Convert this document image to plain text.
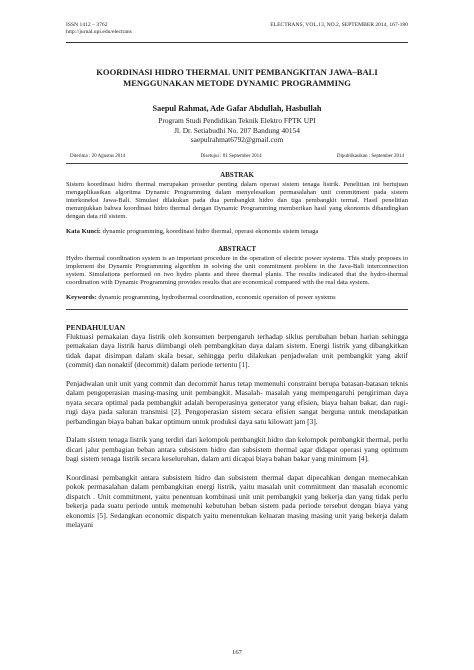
ISSN 1412 – 3762
http://jurnal.upi.edu/electrans
ELECTRANS, VOL.13, NO.2, SEPTEMBER 2014, 167-180
KOORDINASI HIDRO THERMAL UNIT PEMBANGKITAN JAWA–BALI
MENGGUNAKAN METODE DYNAMIC PROGRAMMING
Saepul Rahmat, Ade Gafar Abdullah, Hasbullah
Program Studi Pendidikan Teknik Elektro FPTK UPI
Jl. Dr. Setiabudhi No. 207 Bandung 40154
saepulrahmat6792@gmail.com
Diterima : 20 Agustus 2014	Disetujui : 01 September 2014	Dipublikasikan : September 2014
ABSTRAK
Sistem koordinasi hidro thermal merupakan prosedur penting dalam operasi sistem tenaga listrik. Penelitian ini bertujuan mengaplikasikan algoritma Dynamic Programming dalam menyelesaikan permasalahan unit commitment pada sistem interkoneksi Jawa-Bali. Simulasi dilakukan pada dua pembangkit hidro dan tiga pembangkit termal. Hasil penelitian menunjukkan bahwa koordinasi hidro thermal dengan Dynamic Programming memberikan hasil yang ekonomis dibandingkan dengan data riil sistem.
Kata Kunci: dynamic programming, koordinasi hidro thermal, operasi ekonomis sistem tenaga
ABSTRACT
Hydro thermal coordination system is an important procedure in the operation of electric power systems. This study proposes to implement the Dynamic Programming algorithm in solving the unit commitment problem in the Java-Bali interconnection system. Simulations performed on two hydro plants and three thermal plants. The results indicated that the hydro-thermal coordination with Dynamic Programming provides results that are economical compared with the real data system.
Keywords: dynamic programming, hydrothermal coordination, economic operation of power systems
PENDAHULUAN
Fluktuasi pemakaian daya listrik oleh konsumen berpengaruh terhadap siklus perubahan beban harian sehingga pemakaian daya listrik harus diimbangi oleh pembangkitan daya dalam sistem. Energi listrik yang dibangkitkan tidak dapat disimpan dalam skala besar, sehingga perlu dilakukan penjadwalan unit pembangkit yang aktif (commit) dan nonaktif (decommit) dalam periode tertentu [1].
Penjadwalan unit unit yang commit dan decommit harus tetap memenuhi constraint berupa batasan-batasan teknis dalam pengoperasian masing-masing unit pembangkit. Masalah- masalah yang mempengaruhi pengiriman daya nyata secara optimal pada pembangkit adalah beroperasinya generator yang efisien, biaya bahan bakar, dan rugi-rugi daya pada saluran transmisi [2]. Pengoperasian sistem secara efisien sangat berguna untuk mendapatkan perbandingan biaya bahan bakar optimum untuk produksi daya satu kilowatt jam [3].
Dalam sistem tenaga listrik yang terdiri dari kelompok pembangkit hidro dan kelompok pembangkit thermal, perlu dicari jalur pembagian beban antara subsistem hidro dan subsistem thermal agar didapat operasi yang optimum bagi sistem tenaga listrik secara keseluruhan, dalam arti dicapai biaya bahan bakar yang minimum [4].
Koordinasi pembangkit antara subsistem hidro dan subsistem thermal dapat dipecahkan dengan memecahkan pokok permasalahan dalam pembangkitan energi listrik, yaitu masalah unit commitment dan masalah economic dispatch . Unit commitment, yaitu penentuan kombinasi unit unit pembangkit yang bekerja dan yang tidak perlu bekerja pada suatu periode untuk memenuhi kebutuhan beban sistem pada periode tersebut dengan biaya yang ekonomis [5]. Sedangkan economic dispatch yaitu menentukan keluaran masing masing unit yang bekerja dalam melayani
167
